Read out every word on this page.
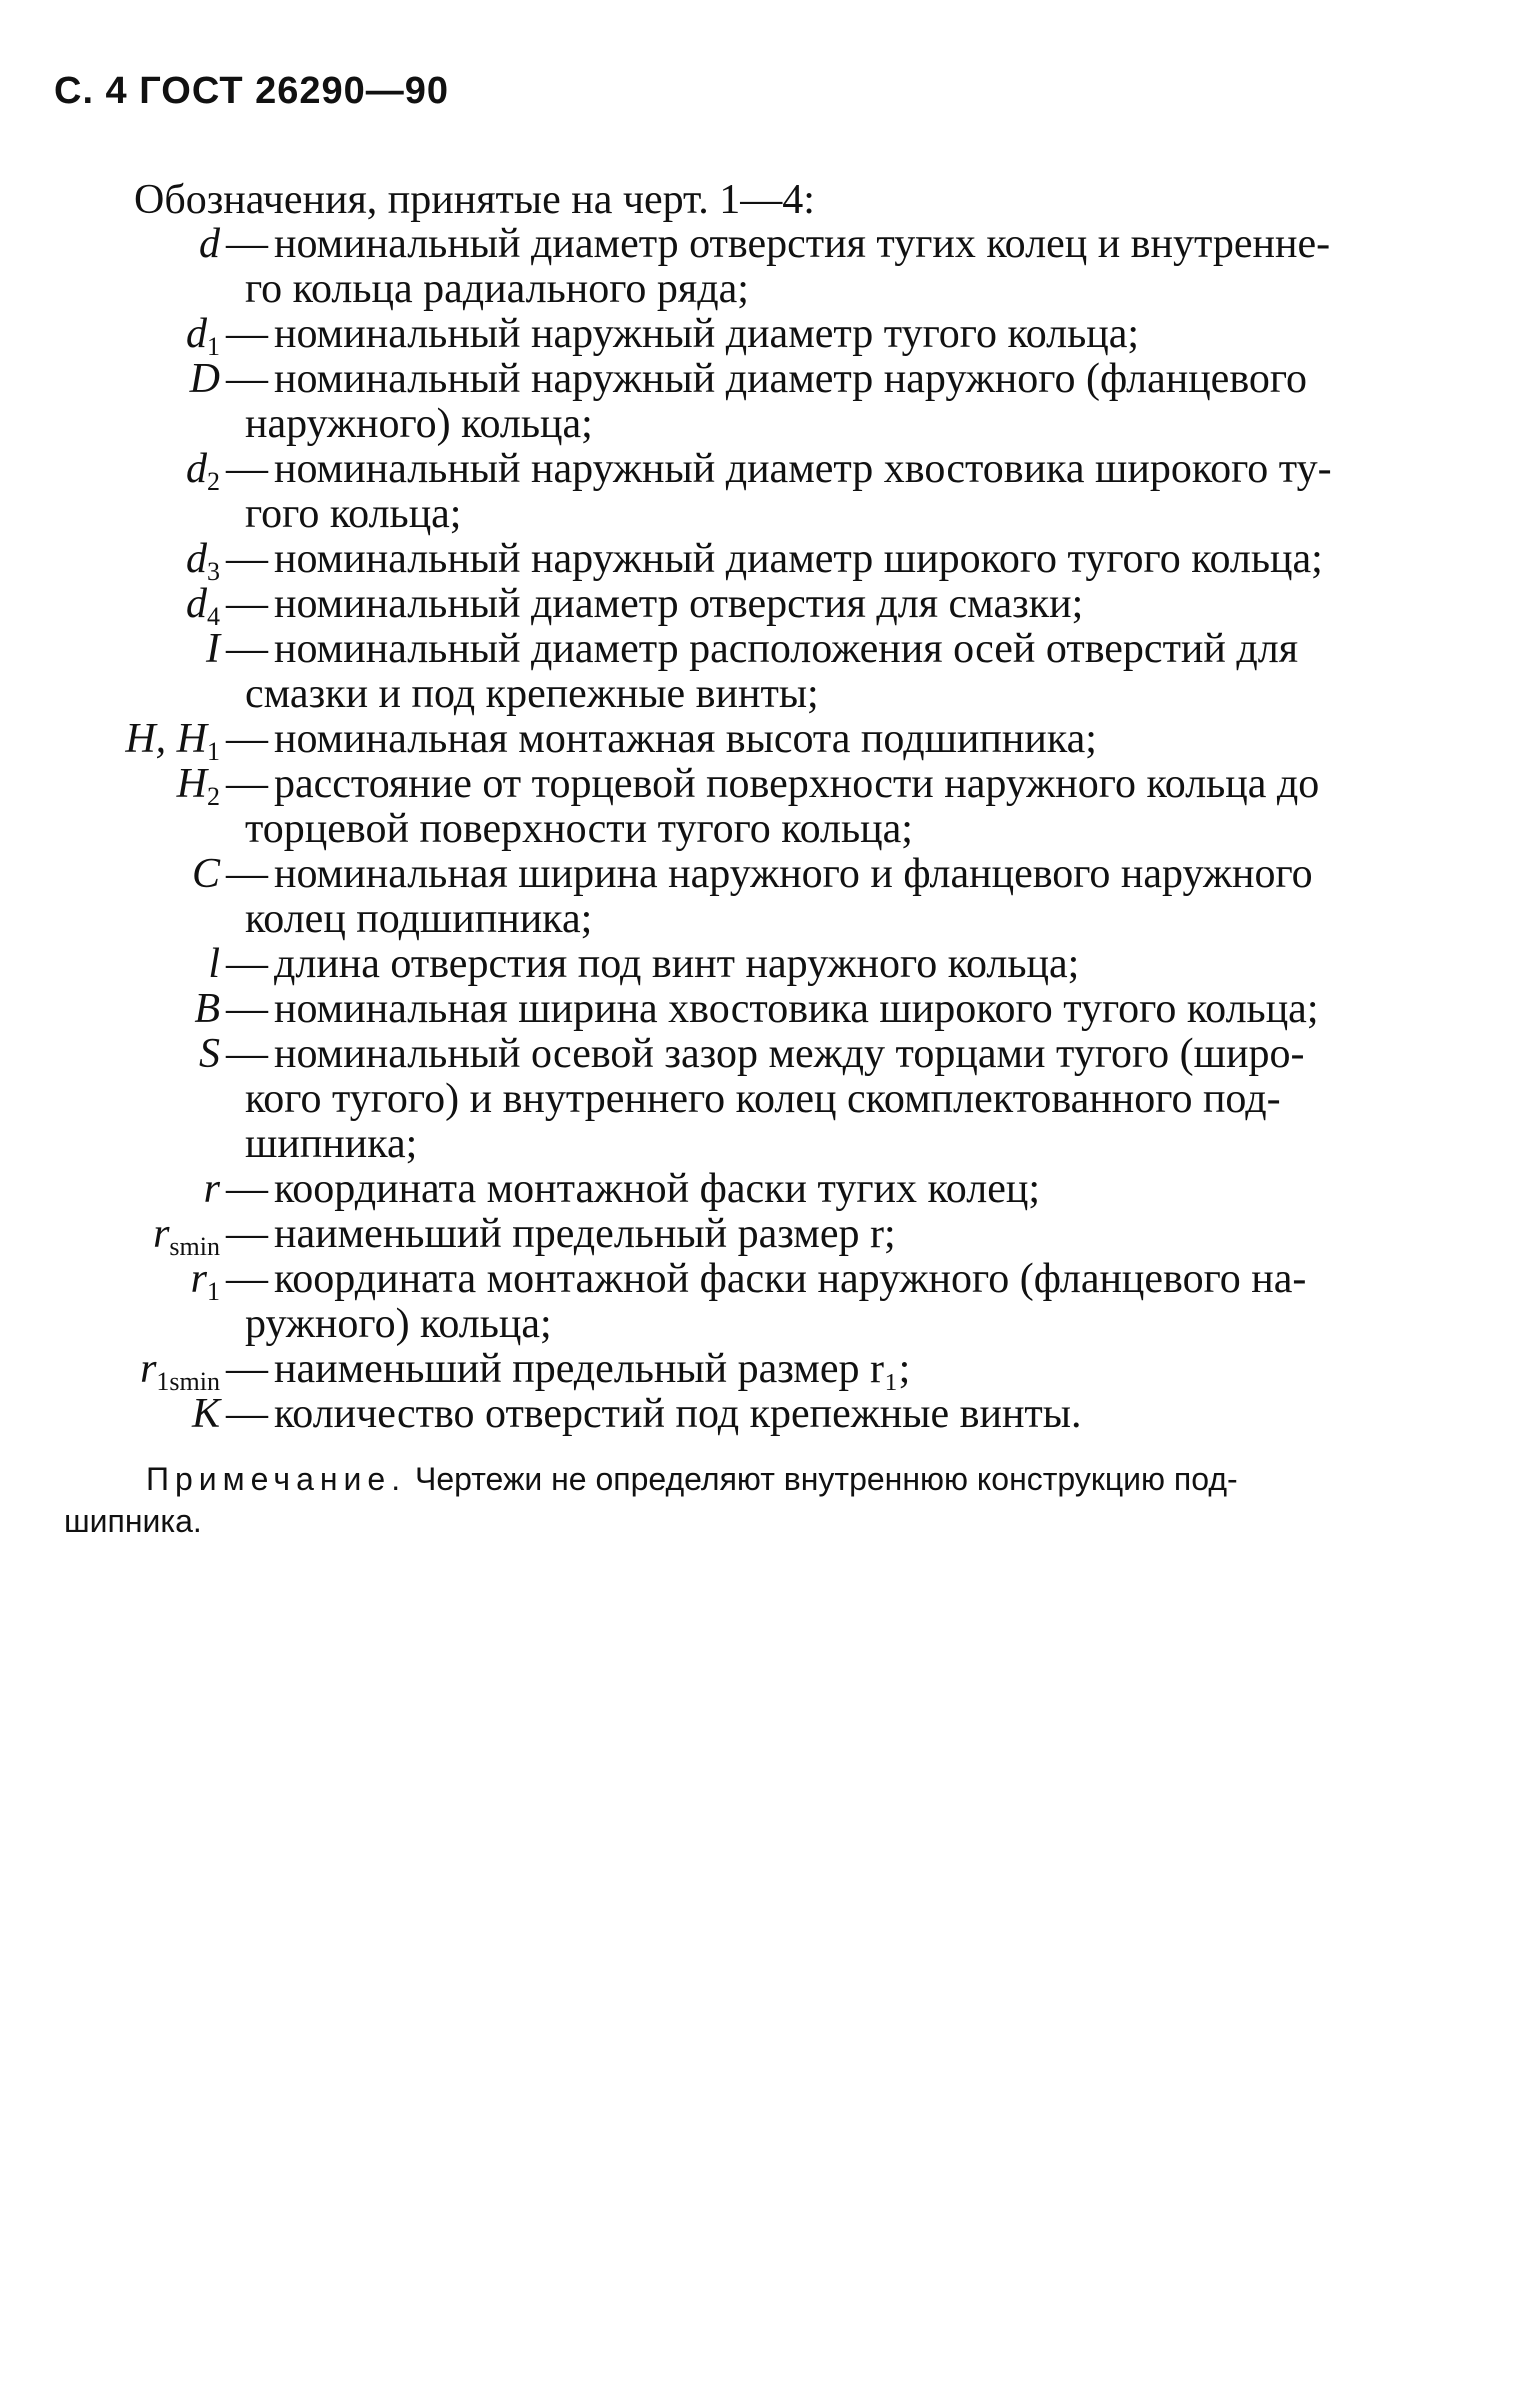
С. 4 ГОСТ 26290—90
Обозначения, принятые на черт. 1—4:
d — номинальный диаметр отверстия тугих колец и внутренне-
го кольца радиального ряда;
$d_1$ — номинальный наружный диаметр тугого кольца;
D — номинальный наружный диаметр наружного (фланцевого
наружного) кольца;
$d_2$ — номинальный наружный диаметр хвостовика широкого ту-
гого кольца;
$d_3$ — номинальный наружный диаметр широкого тугого кольца;
$d_4$ — номинальный диаметр отверстия для смазки;
I — номинальный диаметр расположения осей отверстий для
смазки и под крепежные винты;
H, $H_1$ — номинальная монтажная высота подшипника;
$H_2$ — расстояние от торцевой поверхности наружного кольца до
торцевой поверхности тугого кольца;
C — номинальная ширина наружного и фланцевого наружного
колец подшипника;
l — длина отверстия под винт наружного кольца;
B — номинальная ширина хвостовика широкого тугого кольца;
S — номинальный осевой зазор между торцами тугого (широ-
кого тугого) и внутреннего колец скомплектованного под-
шипника;
r — координата монтажной фаски тугих колец;
$r_{smin}$ — наименьший предельный размер r;
$r_1$ — координата монтажной фаски наружного (фланцевого на-
ружного) кольца;
$r_{1smin}$ — наименьший предельный размер r₁;
K — количество отверстий под крепежные винты.
Примечание. Чертежи не определяют внутреннюю конструкцию под-
шипника.
